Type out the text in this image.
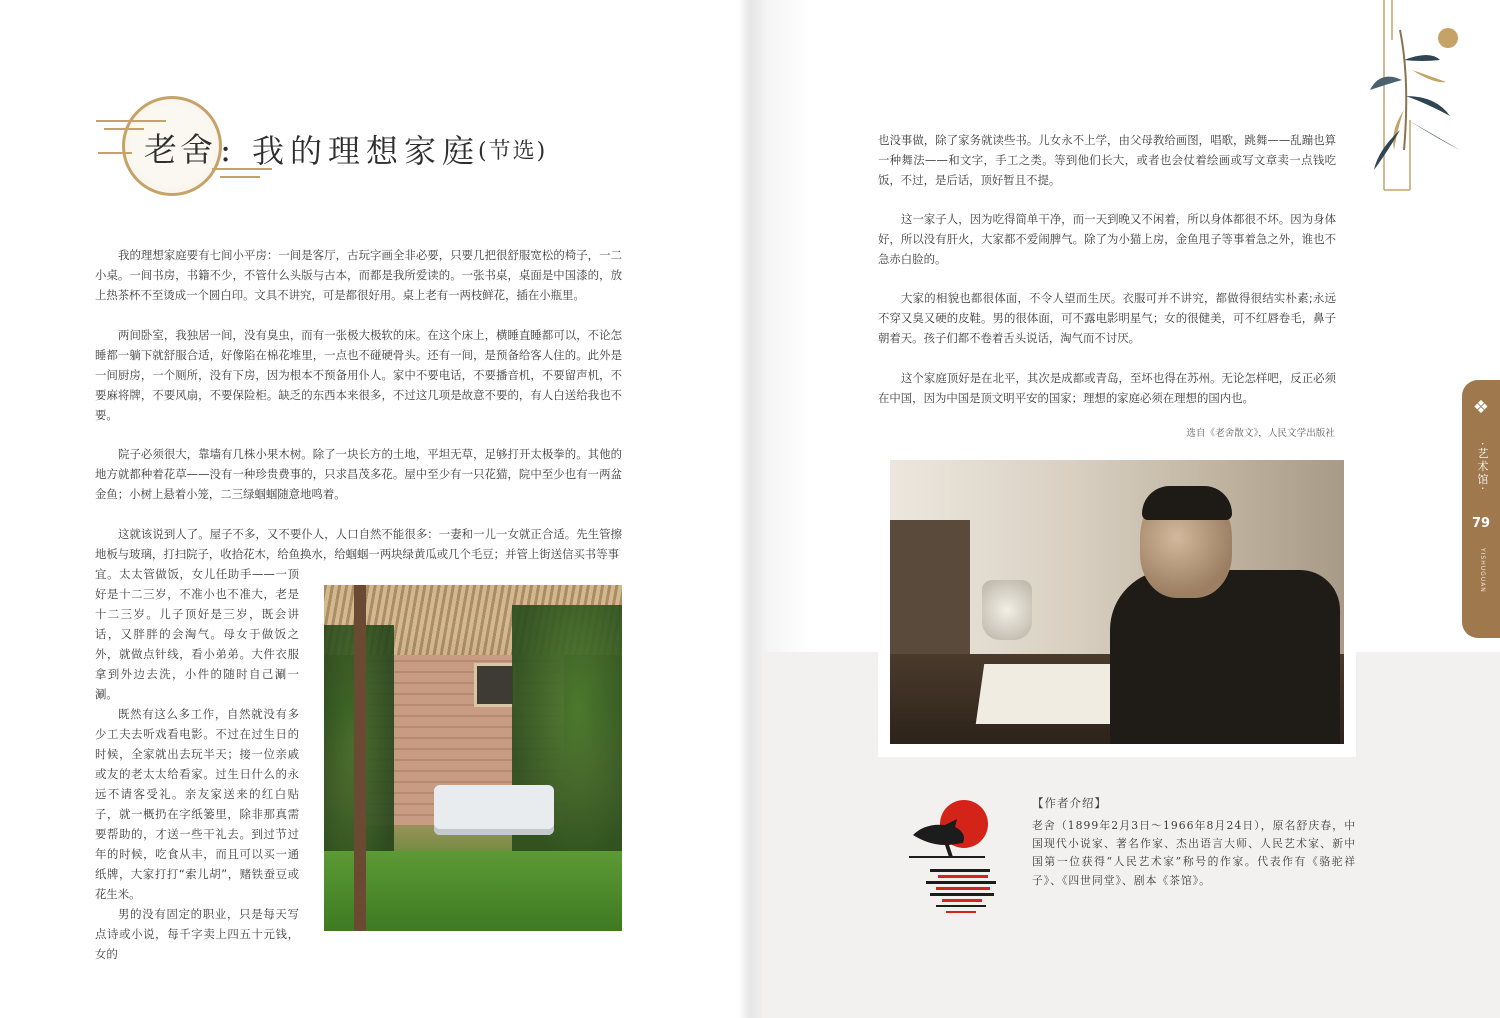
老舍 : 我的理想家庭
(节选)

我的理想家庭要有七间小平房：一间是客厅，古玩字画全非必要，只要几把很舒服宽松的椅子，一二小桌。一间书房，书籍不少，不管什么头版与古本，而都是我所爱读的。一张书桌，桌面是中国漆的，放上热茶杯不至烫成一个圆白印。文具不讲究，可是都很好用。桌上老有一两枝鲜花，插在小瓶里。

两间卧室，我独居一间，没有臭虫，而有一张极大极软的床。在这个床上，横睡直睡都可以，不论怎睡都一躺下就舒服合适，好像陷在棉花堆里，一点也不碰硬骨头。还有一间，是预备给客人住的。此外是一间厨房，一个厕所，没有下房，因为根本不预备用仆人。家中不要电话，不要播音机，不要留声机，不要麻将牌，不要风扇，不要保险柜。缺乏的东西本来很多，不过这几项是故意不要的，有人白送给我也不要。

院子必须很大，靠墙有几株小果木树。除了一块长方的土地，平坦无草，足够打开太极拳的。其他的地方就都种着花草——没有一种珍贵费事的，只求昌茂多花。屋中至少有一只花猫，院中至少也有一两盆金鱼；小树上悬着小笼，二三绿蝈蝈随意地鸣着。

这就该说到人了。屋子不多，又不要仆人，人口自然不能很多：一妻和一儿一女就正合适。先生管擦地板与玻璃，打扫院子，收拾花木，给鱼换水，给蝈蝈一两块绿黄瓜或几个毛豆；并管上街送信买书等事

宜。太太管做饭，女儿任助手——一顶好是十二三岁，不准小也不准大，老是十二三岁。儿子顶好是三岁，既会讲话，又胖胖的会淘气。母女于做饭之外，就做点针线，看小弟弟。大件衣服拿到外边去洗，小件的随时自己涮一涮。

既然有这么多工作，自然就没有多少工夫去听戏看电影。不过在过生日的时候，全家就出去玩半天；接一位亲戚或友的老太太给看家。过生日什么的永远不请客受礼。亲友家送来的红白贴子，就一概扔在字纸篓里，除非那真需要帮助的，才送一些干礼去。到过节过年的时候，吃食从丰，而且可以买一通纸牌，大家打打“索儿胡”，赌铁蚕豆或花生米。

男的没有固定的职业，只是每天写点诗或小说，每千字卖上四五十元钱，女的

也没事做，除了家务就读些书。儿女永不上学，由父母教给画图，唱歌，跳舞——乱蹦也算一种舞法——和文字，手工之类。等到他们长大，或者也会仗着绘画或写文章卖一点钱吃饭，不过，是后话，顶好暂且不提。

这一家子人，因为吃得简单干净，而一天到晚又不闲着，所以身体都很不坏。因为身体好，所以没有肝火，大家都不爱闹脾气。除了为小猫上房，金鱼甩子等事着急之外，谁也不急赤白脸的。

大家的相貌也都很体面，不令人望而生厌。衣服可并不讲究，都做得很结实朴素;永远不穿又臭又硬的皮鞋。男的很体面，可不露电影明星气；女的很健美，可不红唇卷毛，鼻子朝着天。孩子们都不卷着舌头说话，淘气而不讨厌。

这个家庭顶好是在北平，其次是成都或青岛，至坏也得在苏州。无论怎样吧，反正必须在中国，因为中国是顶文明平安的国家；理想的家庭必须在理想的国内也。

选自《老舍散文》，人民文学出版社
【作者介绍】

老舍（1899年2月3日～1966年8月24日），原名舒庆春，中国现代小说家、著名作家、杰出语言大师、人民艺术家、新中国第一位获得“人民艺术家”称号的作家。代表作有《骆驼祥子》、《四世同堂》、剧本《茶馆》。

❖
·艺术馆·
79
YISHUGUAN
